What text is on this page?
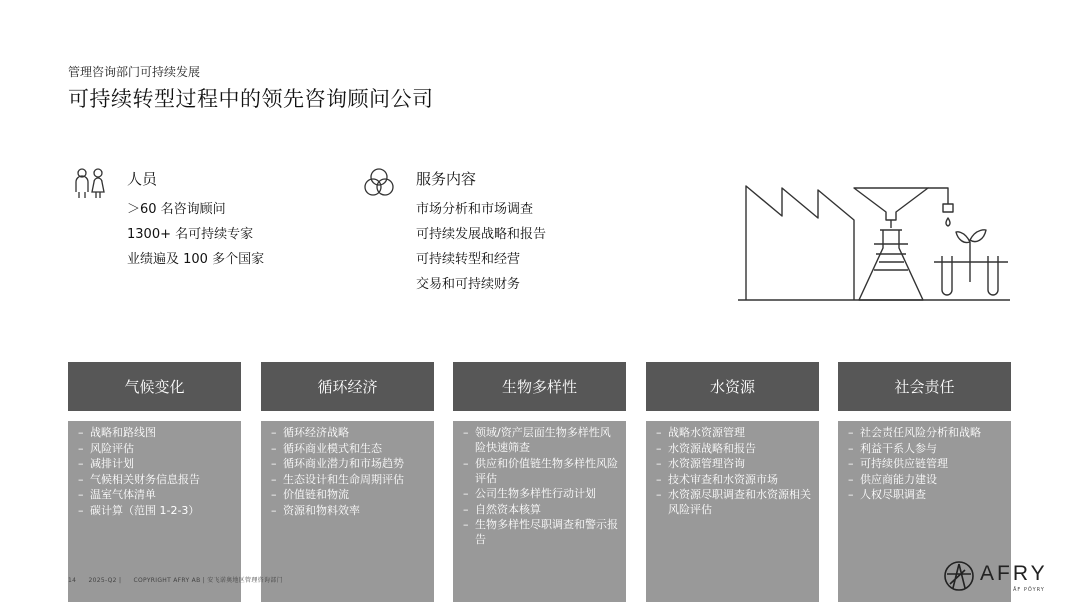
管理咨询部门可持续发展
可持续转型过程中的领先咨询顾问公司
人员
＞60 名咨询顾问
1300+ 名可持续专家
业绩遍及 100 多个国家
服务内容
市场分析和市场调查
可持续发展战略和报告
可持续转型和经营
交易和可持续财务
气候变化
– 战略和路线图
– 风险评估
– 减排计划
– 气候相关财务信息报告
– 温室气体清单
– 碳计算（范围 1-2-3）
循环经济
– 循环经济战略
– 循环商业模式和生态
– 循环商业潜力和市场趋势
– 生态设计和生命周期评估
– 价值链和物流
– 资源和物料效率
生物多样性
– 领域/资产层面生物多样性风险快速筛查
– 供应和价值链生物多样性风险评估
– 公司生物多样性行动计划
– 自然资本核算
– 生物多样性尽职调查和警示报告
水资源
– 战略水资源管理
– 水资源战略和报告
– 水资源管理咨询
– 技术审查和水资源市场
– 水资源尽职调查和水资源相关风险评估
社会责任
– 社会责任风险分析和战略
– 利益干系人参与
– 可持续供应链管理
– 供应商能力建设
– 人权尽职调查
14 2025-Q2 | COPYRIGHT AFRY AB | 安飞诺奥地区管理咨询部门	AFRY
ÅF PÖYRY
